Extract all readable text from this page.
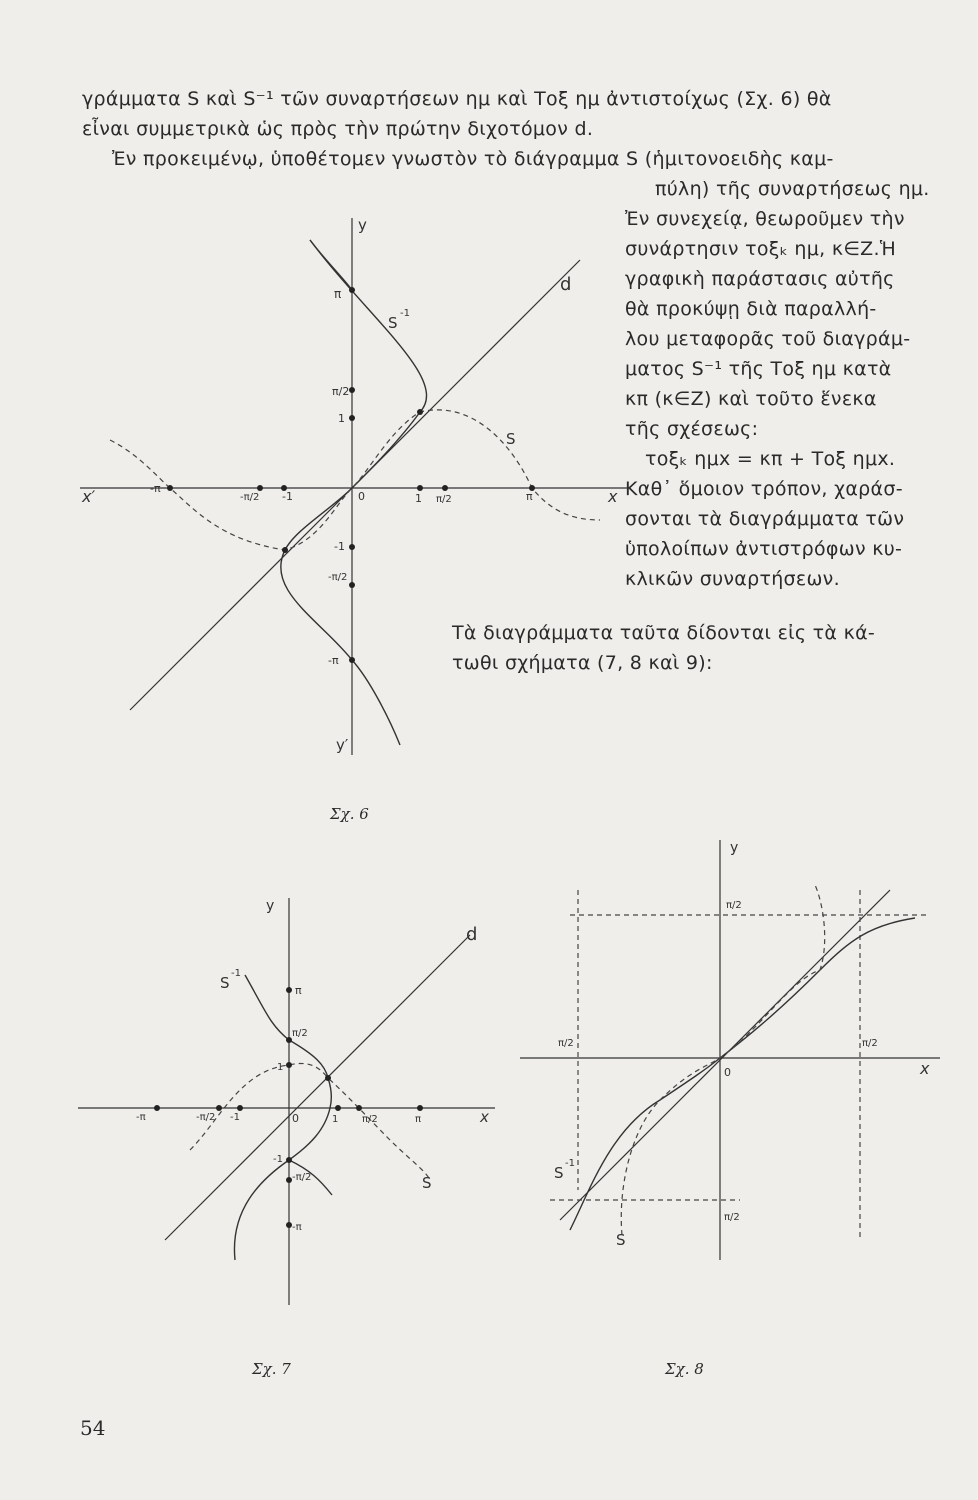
γράμματα S καὶ S⁻¹ τῶν συναρτήσεων ημ καὶ Τοξ ημ ἀντιστοίχως (Σχ. 6) θὰ
εἶναι συμμετρικὰ ὡς πρὸς τὴν πρώτην διχοτόμον d.
Ἐν προκειμένῳ, ὑποθέτομεν γνωστὸν τὸ διάγραμμα S (ἡμιτονοειδὴς καμ-
πύλη) τῆς συναρτήσεως ημ.
Ἐν συνεχείᾳ, θεωροῦμεν τὴν
συνάρτησιν τοξₖ ημ, κ∈Z.Ἡ
γραφικὴ παράστασις αὐτῆς
θὰ προκύψῃ διὰ παραλλή-
λου μεταφορᾶς τοῦ διαγράμ-
ματος S⁻¹ τῆς Τοξ ημ κατὰ
κπ (κ∈Z) καὶ τοῦτο ἕνεκα
τῆς σχέσεως:
τοξₖ ημx = κπ + Τοξ ημx.
Καθ᾽ ὅμοιον τρόπον, χαράσ-
σονται τὰ διαγράμματα τῶν
ὑπολοίπων ἀντιστρόφων κυ-
κλικῶν συναρτήσεων.
Τὰ διαγράμματα ταῦτα δίδονται εἰς τὰ κά-
τωθι σχήματα (7, 8 καὶ 9):
y
y′
x
x′
d
S
-1
S
π
π/2
1
0
-π
-π/2 -1	1 π/2	π
-1
-π/2
-π
Σχ. 6
y
x
d
S
-1
S
π
π/2
1
0
-π	-π/2 -1	1 π/2	π
-1
-π/2
-π
Σχ. 7
y
x
0
S
-1
S
π/2
π/2
π/2
π/2
Σχ. 8
54
